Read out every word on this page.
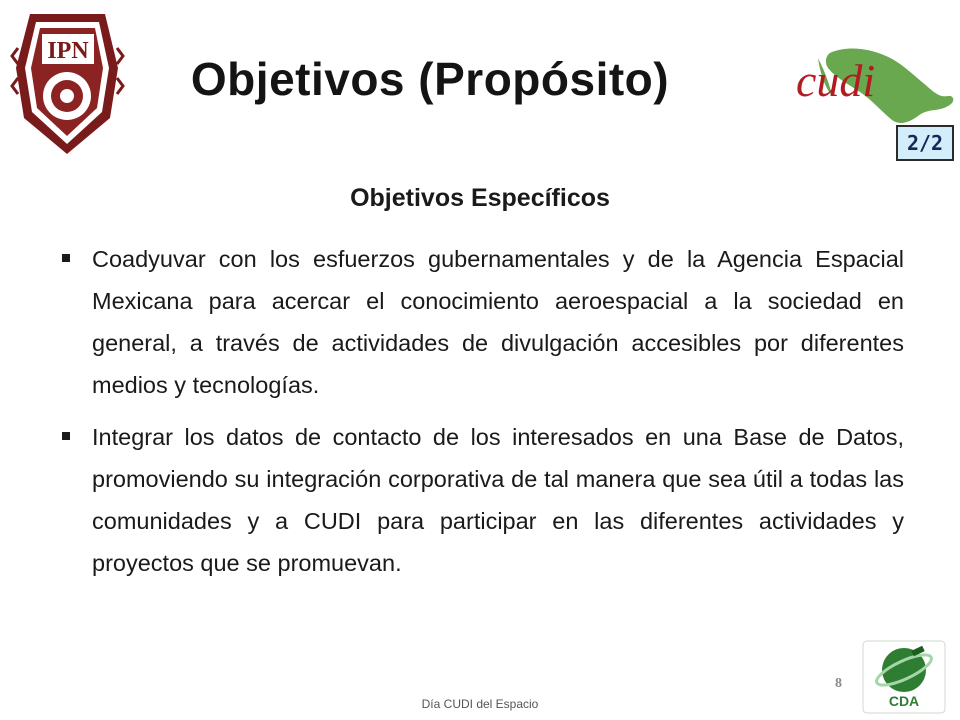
IPN
Objetivos (Propósito)	cudi
2/2
Objetivos Específicos
Coadyuvar con los esfuerzos gubernamentales y de la Agencia Espacial Mexicana para acercar el conocimiento aeroespacial a la sociedad en general, a través de actividades de divulgación accesibles por diferentes medios y tecnologías.
Integrar los datos de contacto de los interesados en una Base de Datos, promoviendo su integración corporativa de tal manera que sea útil a todas las comunidades y a CUDI para participar en las diferentes actividades y proyectos que se promuevan.
8
CDA
Día CUDI del Espacio
